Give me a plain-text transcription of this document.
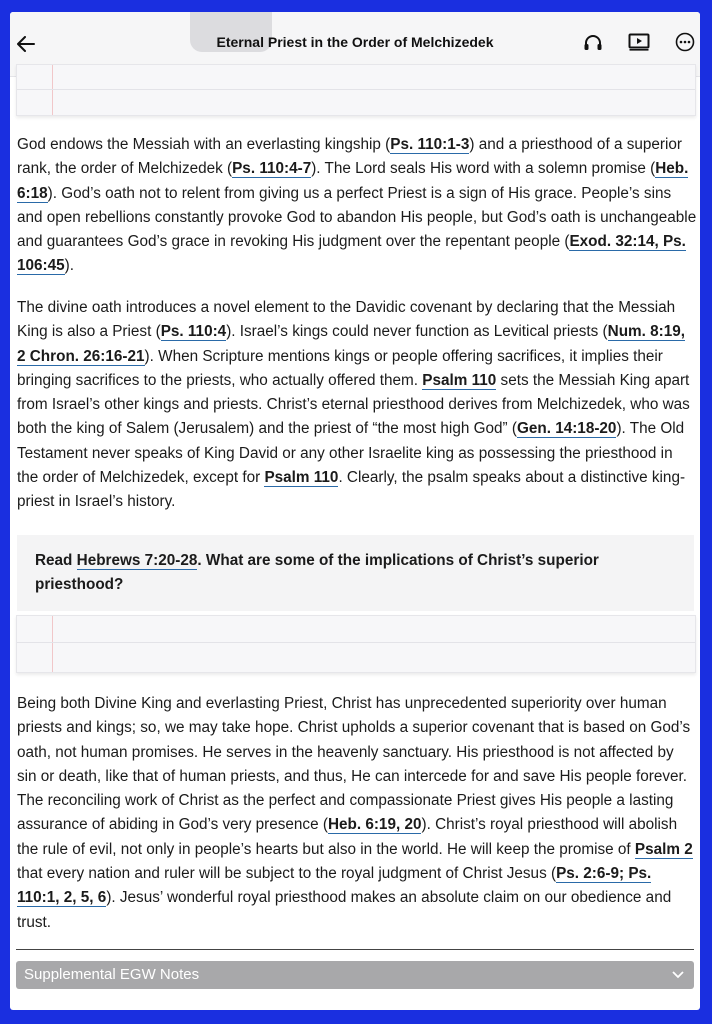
Eternal Priest in the Order of Melchizedek

God endows the Messiah with an everlasting kingship (Ps. 110:1-3) and a priesthood of a superior rank, the order of Melchizedek (Ps. 110:4-7). The Lord seals His word with a solemn promise (Heb. 6:18). God’s oath not to relent from giving us a perfect Priest is a sign of His grace. People’s sins and open rebellions constantly provoke God to abandon His people, but God’s oath is unchangeable and guarantees God’s grace in revoking His judgment over the repentant people (Exod. 32:14, Ps. 106:45).

The divine oath introduces a novel element to the Davidic covenant by declaring that the Messiah King is also a Priest (Ps. 110:4). Israel’s kings could never function as Levitical priests (Num. 8:19, 2 Chron. 26:16-21). When Scripture mentions kings or people offering sacrifices, it implies their bringing sacrifices to the priests, who actually offered them. Psalm 110 sets the Messiah King apart from Israel’s other kings and priests. Christ’s eternal priesthood derives from Melchizedek, who was both the king of Salem (Jerusalem) and the priest of “the most high God” (Gen. 14:18-20). The Old Testament never speaks of King David or any other Israelite king as possessing the priesthood in the order of Melchizedek, except for Psalm 110. Clearly, the psalm speaks about a distinctive king-priest in Israel’s history.

Read Hebrews 7:20-28. What are some of the implications of Christ’s superior priesthood?

Being both Divine King and everlasting Priest, Christ has unprecedented superiority over human priests and kings; so, we may take hope. Christ upholds a superior covenant that is based on God’s oath, not human promises. He serves in the heavenly sanctuary. His priesthood is not affected by sin or death, like that of human priests, and thus, He can intercede for and save His people forever. The reconciling work of Christ as the perfect and compassionate Priest gives His people a lasting assurance of abiding in God’s very presence (Heb. 6:19, 20). Christ’s royal priesthood will abolish the rule of evil, not only in people’s hearts but also in the world. He will keep the promise of Psalm 2 that every nation and ruler will be subject to the royal judgment of Christ Jesus (Ps. 2:6-9; Ps. 110:1, 2, 5, 6). Jesus’ wonderful royal priesthood makes an absolute claim on our obedience and trust.

Supplemental EGW Notes
